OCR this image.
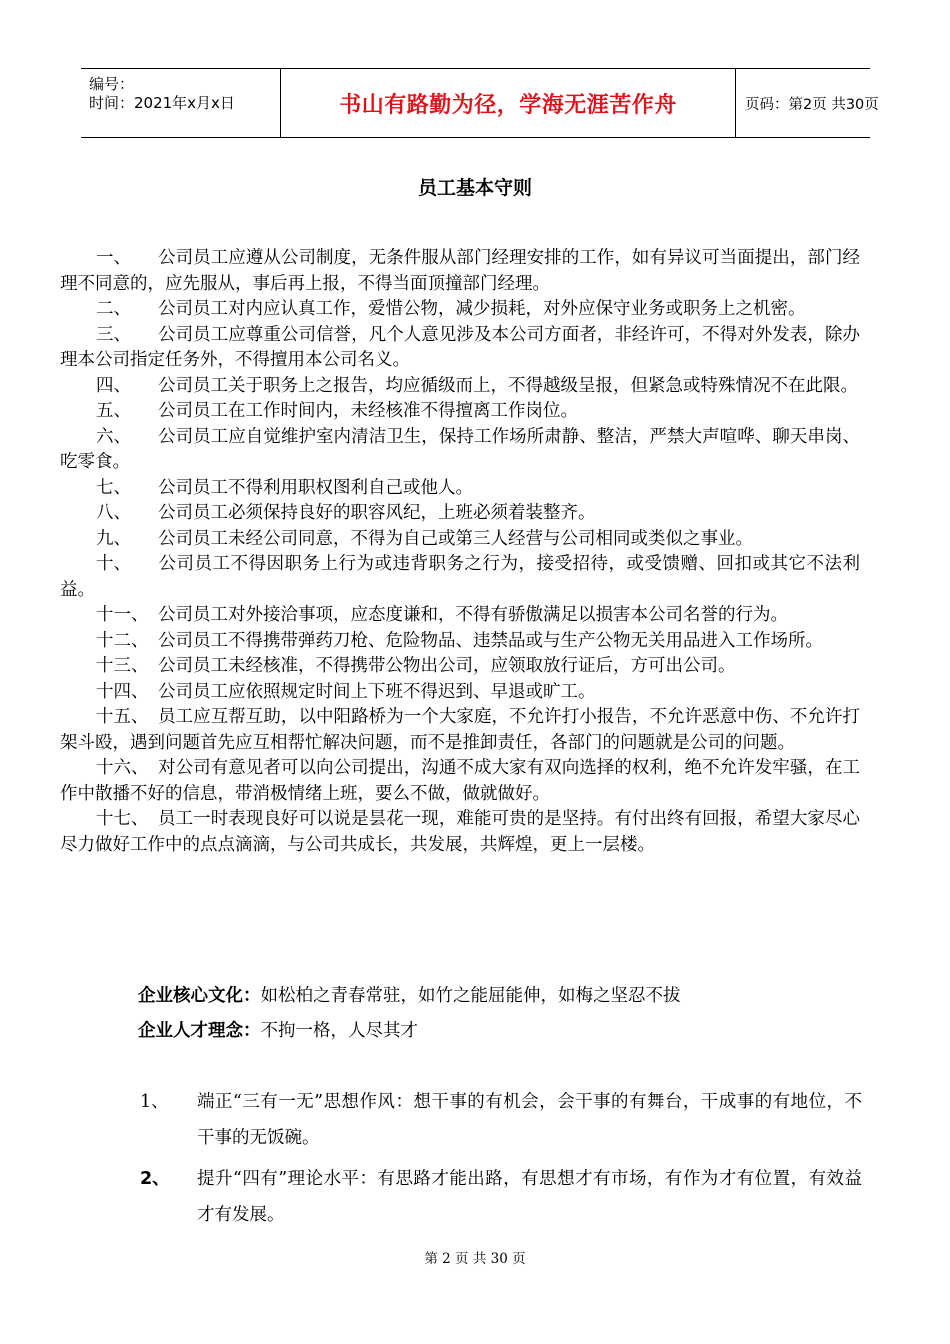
编号：
时间：2021年x月x日	书山有路勤为径，学海无涯苦作舟	页码：第2页 共30页
员工基本守则

一、 公司员工应遵从公司制度，无条件服从部门经理安排的工作，如有异议可当面提出，部门经理不同意的，应先服从，事后再上报，不得当面顶撞部门经理。

二、 公司员工对内应认真工作，爱惜公物，减少损耗，对外应保守业务或职务上之机密。

三、 公司员工应尊重公司信誉，凡个人意见涉及本公司方面者，非经许可，不得对外发表，除办理本公司指定任务外，不得擅用本公司名义。

四、 公司员工关于职务上之报告，均应循级而上，不得越级呈报，但紧急或特殊情况不在此限。

五、 公司员工在工作时间内，未经核准不得擅离工作岗位。

六、 公司员工应自觉维护室内清洁卫生，保持工作场所肃静、整洁，严禁大声喧哗、聊天串岗、吃零食。

七、 公司员工不得利用职权图利自己或他人。

八、 公司员工必须保持良好的职容风纪，上班必须着装整齐。

九、 公司员工未经公司同意，不得为自己或第三人经营与公司相同或类似之事业。

十、 公司员工不得因职务上行为或违背职务之行为，接受招待，或受馈赠、回扣或其它不法利益。

十一、 公司员工对外接洽事项，应态度谦和，不得有骄傲满足以损害本公司名誉的行为。

十二、 公司员工不得携带弹药刀枪、危险物品、违禁品或与生产公物无关用品进入工作场所。

十三、 公司员工未经核准，不得携带公物出公司，应领取放行证后，方可出公司。

十四、 公司员工应依照规定时间上下班不得迟到、早退或旷工。

十五、 员工应互帮互助，以中阳路桥为一个大家庭，不允许打小报告，不允许恶意中伤、不允许打架斗殴，遇到问题首先应互相帮忙解决问题，而不是推卸责任，各部门的问题就是公司的问题。

十六、 对公司有意见者可以向公司提出，沟通不成大家有双向选择的权利，绝不允许发牢骚，在工作中散播不好的信息，带消极情绪上班，要么不做，做就做好。

十七、 员工一时表现良好可以说是昙花一现，难能可贵的是坚持。有付出终有回报，希望大家尽心尽力做好工作中的点点滴滴，与公司共成长，共发展，共辉煌，更上一层楼。

企业核心文化：如松柏之青春常驻，如竹之能屈能伸，如梅之坚忍不拔
企业人才理念：不拘一格，人尽其才
1、 端正“三有一无”思想作风：想干事的有机会，会干事的有舞台，干成事的有地位，不干事的无饭碗。
2、 提升“四有”理论水平：有思路才能出路，有思想才有市场，有作为才有位置，有效益才有发展。
第 2 页 共 30 页
